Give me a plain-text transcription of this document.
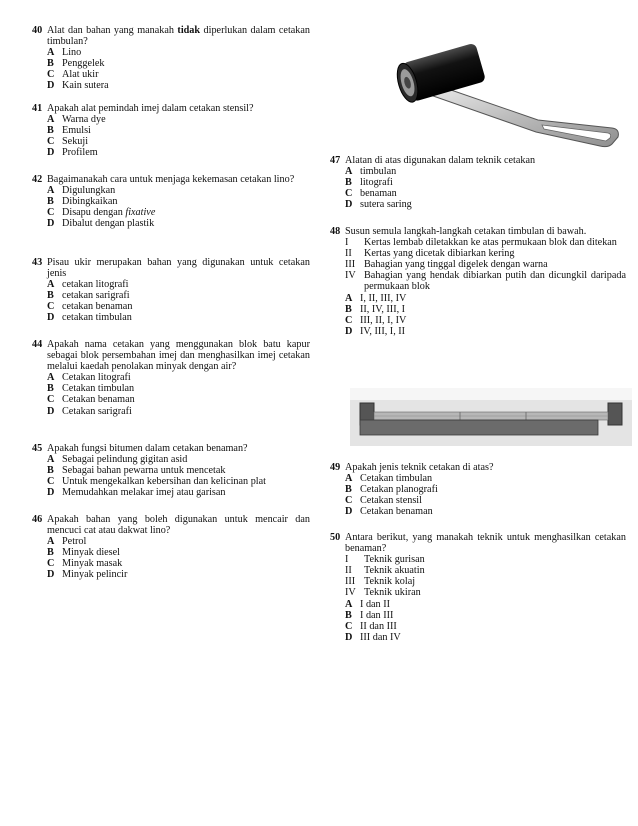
40 Alat dan bahan yang manakah tidak diperlukan dalam cetakan timbulan?

A Lino
B Penggelek
C Alat ukir
D Kain sutera
41 Apakah alat pemindah imej dalam cetakan stensil?

A Warna dye
B Emulsi
C Sekuji
D Profilem
42 Bagaimanakah cara untuk menjaga kekemasan cetakan lino?

A Digulungkan
B Dibingkaikan
C Disapu dengan fixative
D Dibalut dengan plastik
43 Pisau ukir merupakan bahan yang digunakan untuk cetakan jenis

A cetakan litografi
B cetakan sarigrafi
C cetakan benaman
D cetakan timbulan
44 Apakah nama cetakan yang menggunakan blok batu kapur sebagai blok persembahan imej dan menghasilkan imej cetakan melalui kaedah penolakan minyak dengan air?

A Cetakan litografi
B Cetakan timbulan
C Cetakan benaman
D Cetakan sarigrafi
45 Apakah fungsi bitumen dalam cetakan benaman?

A Sebagai pelindung gigitan asid
B Sebagai bahan pewarna untuk mencetak
C Untuk mengekalkan kebersihan dan kelicinan plat
D Memudahkan melakar imej atau garisan
46 Apakah bahan yang boleh digunakan untuk mencair dan mencuci cat atau dakwat lino?

A Petrol
B Minyak diesel
C Minyak masak
D Minyak pelincir
47 Alatan di atas digunakan dalam teknik cetakan

A timbulan
B litografi
C benaman
D sutera saring
48 Susun semula langkah-langkah cetakan timbulan di bawah.

I	Kertas lembab diletakkan ke atas permukaan blok dan ditekan
II	Kertas yang dicetak dibiarkan kering
III Bahagian yang tinggal digelek dengan warna
IV Bahagian yang hendak dibiarkan putih dan dicungkil daripada permukaan blok
A I, II, III, IV
B II, IV, III, I
C III, II, I, IV
D IV, III, I, II
49 Apakah jenis teknik cetakan di atas?

A Cetakan timbulan
B Cetakan planografi
C Cetakan stensil
D Cetakan benaman
50 Antara berikut, yang manakah teknik untuk menghasilkan cetakan benaman?

I	Teknik gurisan
II	Teknik akuatin
III Teknik kolaj
IV Teknik ukiran
A I dan II
B I dan III
C II dan III
D III dan IV
